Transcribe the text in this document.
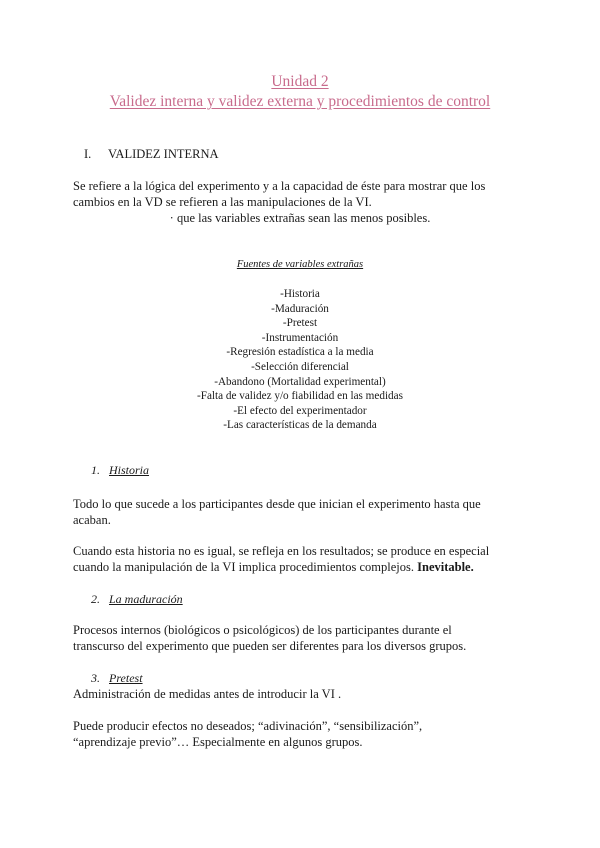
Unidad 2
Validez interna y validez externa y procedimientos de control
I. VALIDEZ INTERNA
Se refiere a la lógica del experimento y a la capacidad de éste para mostrar que los
cambios en la VD se refieren a las manipulaciones de la VI.
· que las variables extrañas sean las menos posibles.
Fuentes de variables extrañas
-Historia
-Maduración
-Pretest
-Instrumentación
-Regresión estadística a la media
-Selección diferencial
-Abandono (Mortalidad experimental)
-Falta de validez y/o fiabilidad en las medidas
-El efecto del experimentador
-Las características de la demanda
1. Historia
Todo lo que sucede a los participantes desde que inician el experimento hasta que
acaban.
Cuando esta historia no es igual, se refleja en los resultados; se produce en especial
cuando la manipulación de la VI implica procedimientos complejos. Inevitable.
2. La maduración
Procesos internos (biológicos o psicológicos) de los participantes durante el
transcurso del experimento que pueden ser diferentes para los diversos grupos.
3. Pretest
Administración de medidas antes de introducir la VI .
Puede producir efectos no deseados; “adivinación”, “sensibilización”,
“aprendizaje previo”… Especialmente en algunos grupos.
